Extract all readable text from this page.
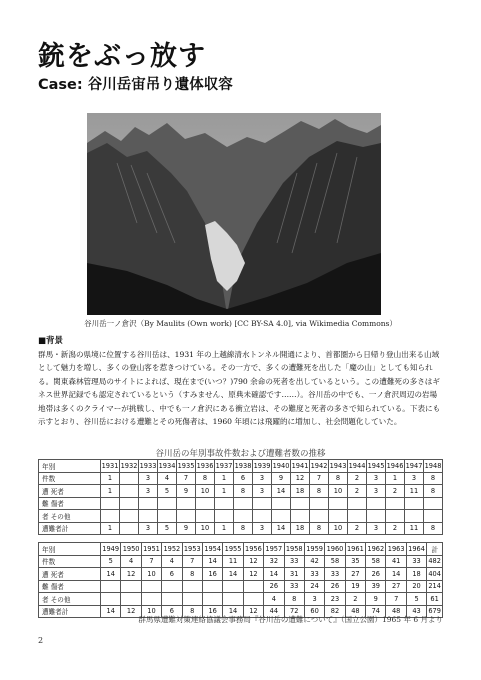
銃をぶっ放す
Case: 谷川岳宙吊り遺体収容
谷川岳一ノ倉沢（By Maulits (Own work) [CC BY-SA 4.0], via Wikimedia Commons）
■背景

群馬・新潟の県境に位置する谷川岳は、1931 年の上越線清水トンネル開通により、首都圏から日帰り登山出来る山域として魅力を増し、多くの登山客を惹きつけている。その一方で、多くの遭難死を出した「魔の山」としても知られる。関東森林管理局のサイトによれば、現在まで(いつ？)790 余命の死者を出しているという。この遭難死の多さはギネス世界記録でも認定されているという（すみません、原典未確認です……）。谷川岳の中でも、一ノ倉沢周辺の岩場地帯は多くのクライマーが挑戦し、中でも一ノ倉沢にある衝立岩は、その難度と死者の多さで知られている。下表にも示すとおり、谷川岳における遭難とその死傷者は、1960 年頃には飛躍的に増加し、社会問題化していた。

谷川岳の年別事故件数および遭難者数の推移
年別	1931	1932	1933	1934	1935	1936	1937	1938	1939	1940	1941	1942	1943	1944	1945	1946	1947	1948
件数	1		3	4	7	8	1	6	3	9	12	7	8	2	3	1	3	8
遭 死者	1		3	5	9	10	1	8	3	14	18	8	10	2	3	2	11	8
難 傷者																		
者 その他																		
遭難者計	1		3	5	9	10	1	8	3	14	18	8	10	2	3	2	11	8
年別	1949	1950	1951	1952	1953	1954	1955	1956	1957	1958	1959	1960	1961	1962	1963	1964	計
件数	5	4	7	4	7	14	11	12	32	33	42	58	35	58	41	33	482
遭 死者	14	12	10	6	8	16	14	12	14	31	33	33	27	26	14	18	404
難 傷者									26	33	24	26	19	39	27	20	214
者 その他									4	8	3	23	2	9	7	5	61
遭難者計	14	12	10	6	8	16	14	12	44	72	60	82	48	74	48	43	679
群馬県遭難対策連絡協議会事務局『谷川岳の遭難について』（国立公園）1965 年 6 月より
2
